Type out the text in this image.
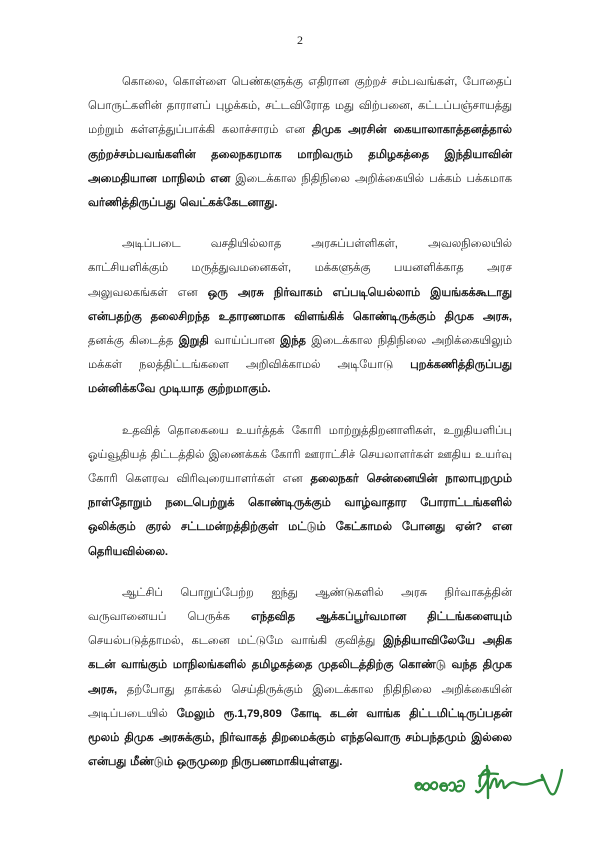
2

கொலை, கொள்ளை பெண்களுக்கு எதிரான குற்றச் சம்பவங்கள், போதைப் பொருட்களின் தாராளப் புழக்கம், சட்டவிரோத மது விற்பனை, கட்டப்பஞ்சாயத்து மற்றும் கள்ளத்துப்பாக்கி கலாச்சாரம் என திமுக அரசின் கையாலாகாத்தனத்தால் குற்றச்சம்பவங்களின் தலைநகரமாக மாறிவரும் தமிழகத்தை இந்தியாவின் அமைதியான மாநிலம் என இடைக்கால நிதிநிலை அறிக்கையில் பக்கம் பக்கமாக வர்ணித்திருப்பது வெட்கக்கேடனாது.

அடிப்படை வசதியில்லாத அரசுப்பள்ளிகள், அவலநிலையில் காட்சியளிக்கும் மருத்துவமனைகள், மக்களுக்கு பயனளிக்காத அரச அலுவலகங்கள் என ஒரு அரசு நிர்வாகம் எப்படியெல்லாம் இயங்கக்கூடாது என்பதற்கு தலைசிறந்த உதாரணமாக விளங்கிக் கொண்டிருக்கும் திமுக அரசு, தனக்கு கிடைத்த இறுதி வாய்ப்பான இந்த இடைக்கால நிதிநிலை அறிக்கையிலும் மக்கள் நலத்திட்டங்களை அறிவிக்காமல் அடியோடு புறக்கணித்திருப்பது மன்னிக்கவே முடியாத குற்றமாகும்.

உதவித் தொகையை உயர்த்தக் கோரி மாற்றுத்திறனாளிகள், உறுதியளிப்பு ஓய்வூதியத் திட்டத்தில் இணைக்கக் கோரி ஊராட்சிச் செயலாளர்கள் ஊதிய உயர்வு கோரி கௌரவ விரிவுரையாளர்கள் என தலைநகர் சென்னையின் நாலாபுறமும் நாள்தோறும் நடைபெற்றுக் கொண்டிருக்கும் வாழ்வாதார போராட்டங்களில் ஒலிக்கும் குரல் சட்டமன்றத்திற்குள் மட்டும் கேட்காமல் போனது ஏன்? என தெரியவில்லை.

ஆட்சிப் பொறுப்பேற்ற ஐந்து ஆண்டுகளில் அரசு நிர்வாகத்தின் வருவானையப் பெருக்க எந்தவித ஆக்கப்பூர்வமான திட்டங்களையும் செயல்படுத்தாமல், கடனை மட்டுமே வாங்கி குவித்து இந்தியாவிலேயே அதிக கடன் வாங்கும் மாநிலங்களில் தமிழகத்தை முதலிடத்திற்கு கொண்டு வந்த திமுக அரசு, தற்போது தாக்கல் செய்திருக்கும் இடைக்கால நிதிநிலை அறிக்கையின் அடிப்படையில் மேலும் ரூ.1,79,809 கோடி கடன் வாங்க திட்டமிட்டிருப்பதன் மூலம் திமுக அரசுக்கும், நிர்வாகத் திறமைக்கும் எந்தவொரு சம்பந்தமும் இல்லை என்பது மீண்டும் ஒருமுறை நிருபணமாகியுள்ளது.
